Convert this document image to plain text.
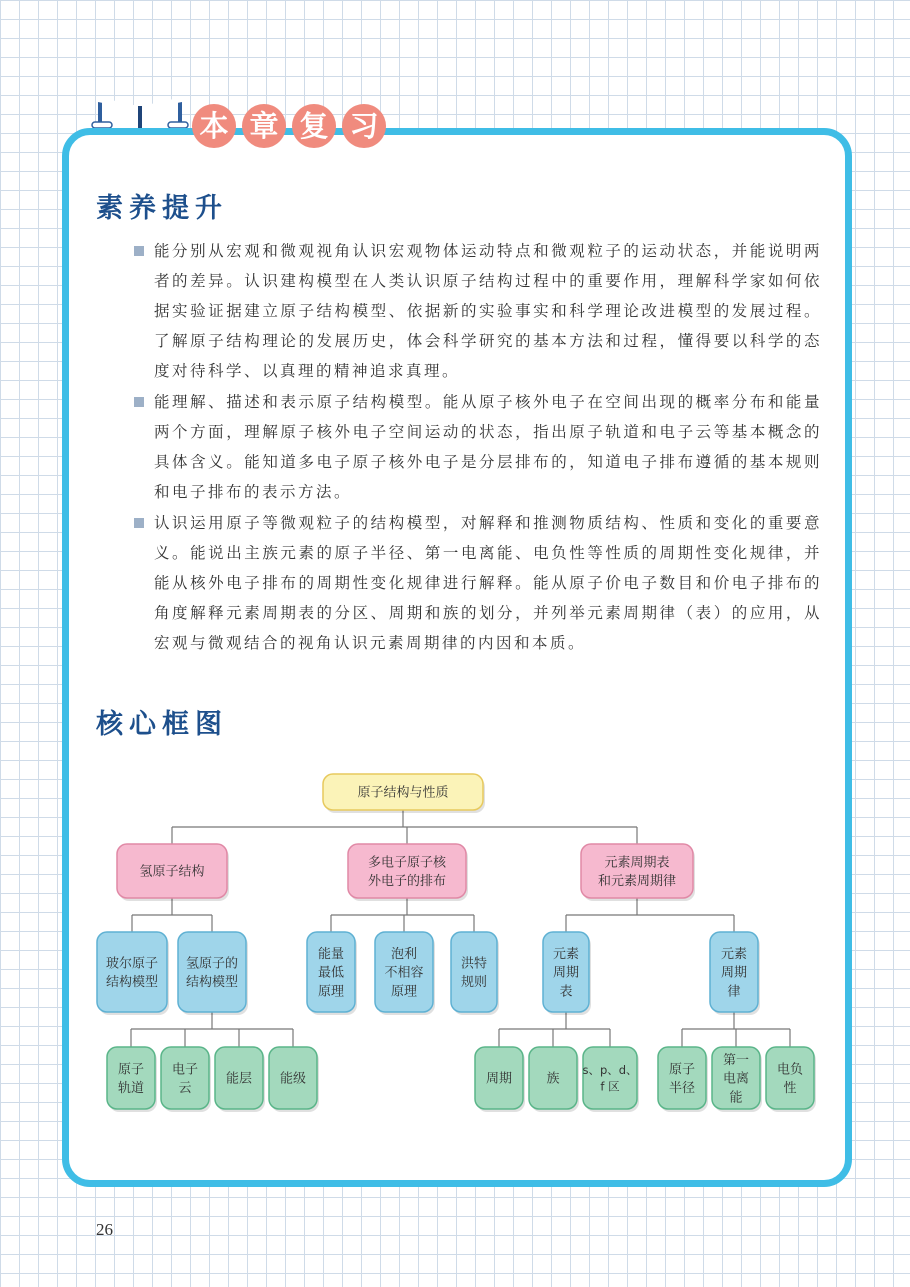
本 章 复 习
素养提升
能分别从宏观和微观视角认识宏观物体运动特点和微观粒子的运动状态，并能说明两者的差异。认识建构模型在人类认识原子结构过程中的重要作用，理解科学家如何依据实验证据建立原子结构模型、依据新的实验事实和科学理论改进模型的发展过程。了解原子结构理论的发展历史，体会科学研究的基本方法和过程，懂得要以科学的态度对待科学、以真理的精神追求真理。
能理解、描述和表示原子结构模型。能从原子核外电子在空间出现的概率分布和能量两个方面，理解原子核外电子空间运动的状态，指出原子轨道和电子云等基本概念的具体含义。能知道多电子原子核外电子是分层排布的，知道电子排布遵循的基本规则和电子排布的表示方法。
认识运用原子等微观粒子的结构模型，对解释和推测物质结构、性质和变化的重要意义。能说出主族元素的原子半径、第一电离能、电负性等性质的周期性变化规律，并能从核外电子排布的周期性变化规律进行解释。能从原子价电子数目和价电子排布的角度解释元素周期表的分区、周期和族的划分，并列举元素周期律（表）的应用，从宏观与微观结合的视角认识元素周期律的内因和本质。
核心框图
原子结构与性质
氢原子结构
多电子原子核
外电子的排布
元素周期表
和元素周期律
玻尔原子
结构模型
氢原子的
结构模型
能量
最低
原理
泡利
不相容
原理
洪特
规则
元素
周期
表
元素
周期
律
原子
轨道
电子
云
能层 能级	周期	族
s、p、d、
f 区
原子
半径
第一
电离
能
电负
性
26
